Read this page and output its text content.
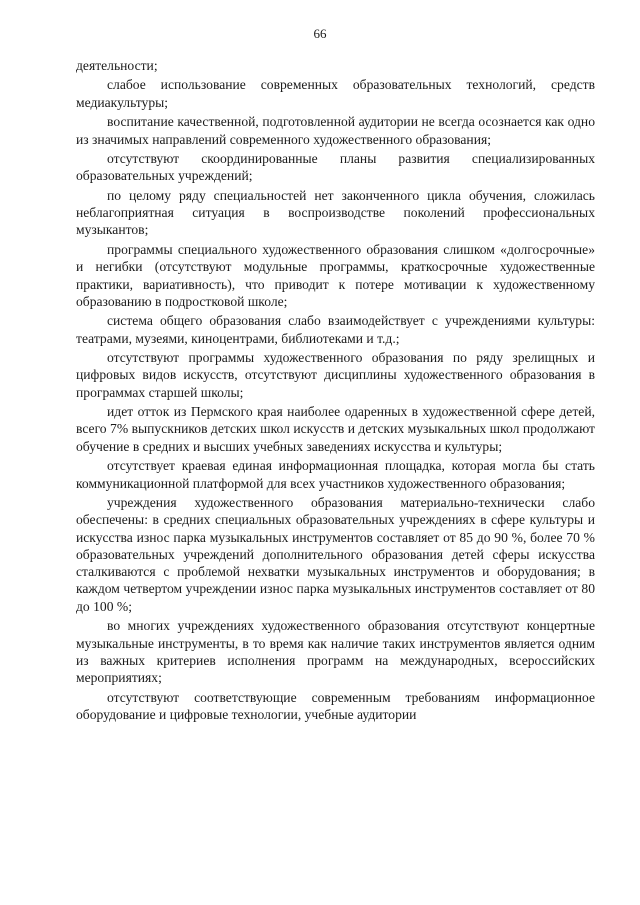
66

деятельности;

слабое использование современных образовательных технологий, средств медиакультуры;

воспитание качественной, подготовленной аудитории не всегда осознается как одно из значимых направлений современного художественного образования;

отсутствуют скоординированные планы развития специализированных образовательных учреждений;

по целому ряду специальностей нет законченного цикла обучения, сложилась неблагоприятная ситуация в воспроизводстве поколений профессиональных музыкантов;

программы специального художественного образования слишком «долгосрочные» и негибки (отсутствуют модульные программы, краткосрочные художественные практики, вариативность), что приводит к потере мотивации к художественному образованию в подростковой школе;

система общего образования слабо взаимодействует с учреждениями культуры: театрами, музеями, киноцентрами, библиотеками и т.д.;

отсутствуют программы художественного образования по ряду зрелищных и цифровых видов искусств, отсутствуют дисциплины художественного образования в программах старшей школы;

идет отток из Пермского края наиболее одаренных в художественной сфере детей, всего 7% выпускников детских школ искусств и детских музыкальных школ продолжают обучение в средних и высших учебных заведениях искусства и культуры;

отсутствует краевая единая информационная площадка, которая могла бы стать коммуникационной платформой для всех участников художественного образования;

учреждения художественного образования материально-технически слабо обеспечены: в средних специальных образовательных учреждениях в сфере культуры и искусства износ парка музыкальных инструментов составляет от 85 до 90 %, более 70 % образовательных учреждений дополнительного образования детей сферы искусства сталкиваются с проблемой нехватки музыкальных инструментов и оборудования; в каждом четвертом учреждении износ парка музыкальных инструментов составляет от 80 до 100 %;

во многих учреждениях художественного образования отсутствуют концертные музыкальные инструменты, в то время как наличие таких инструментов является одним из важных критериев исполнения программ на международных, всероссийских мероприятиях;

отсутствуют соответствующие современным требованиям информационное оборудование и цифровые технологии, учебные аудитории
